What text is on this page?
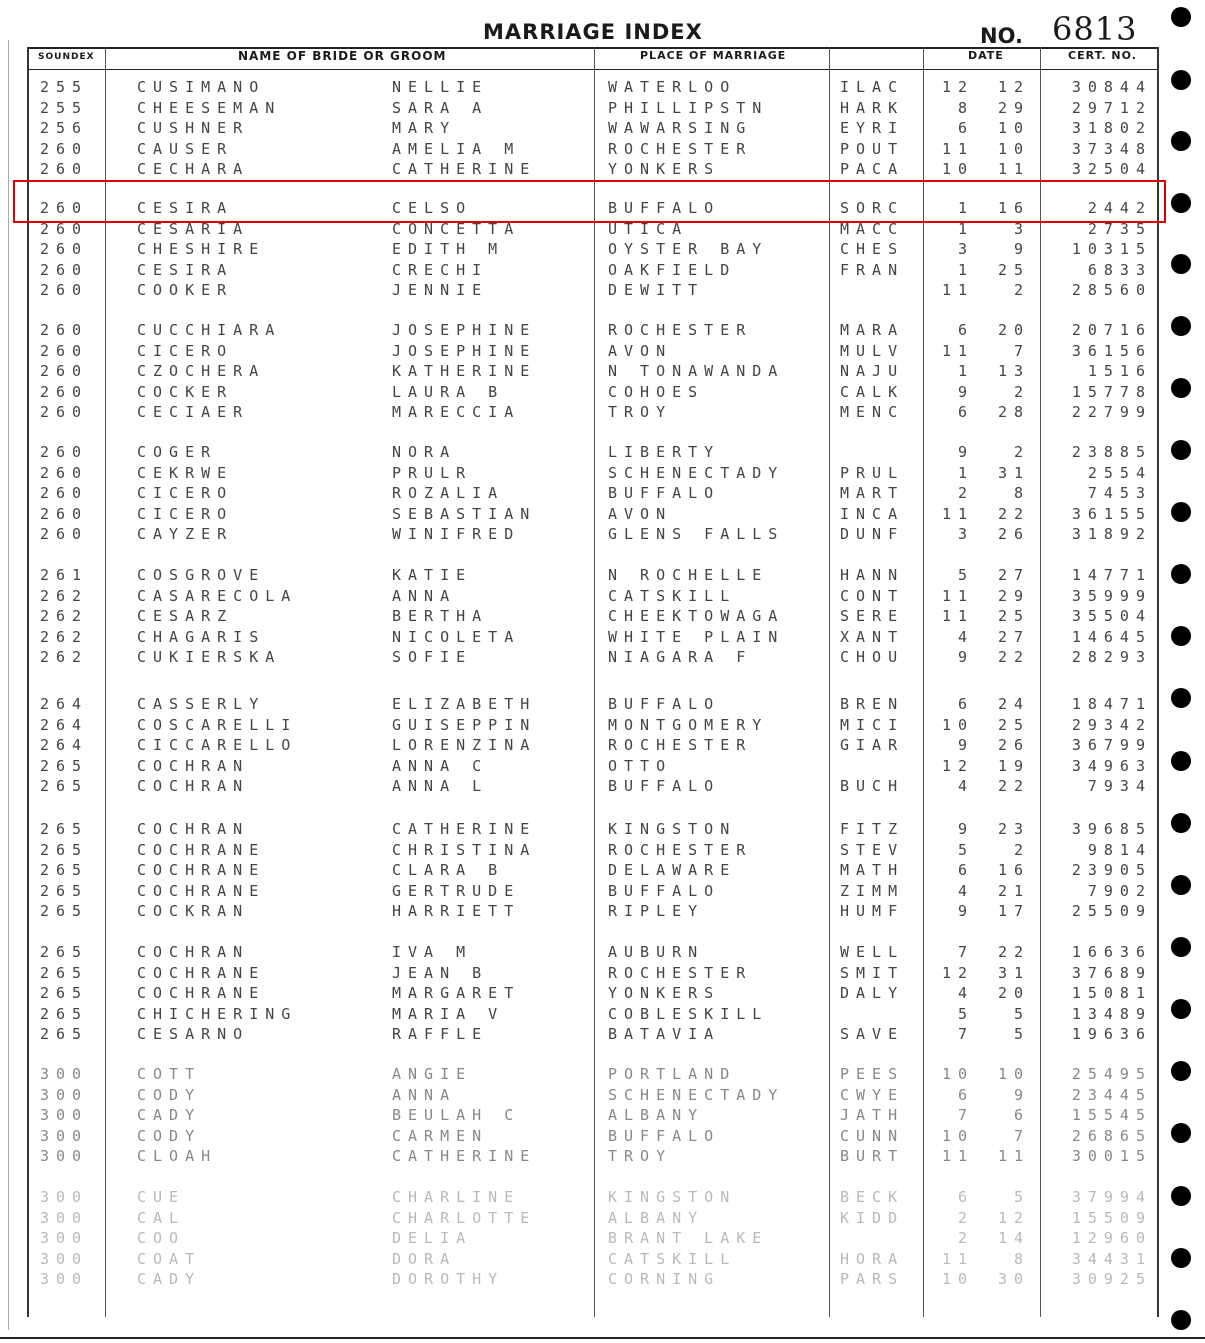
MARRIAGE INDEX	NO. 6813
SOUNDEX	NAME OF BRIDE OR GROOM	PLACE OF MARRIAGE	DATE	CERT. NO.
255	CUSIMANO	NELLIE	WATERLOO	ILAC	12	12	30844
255	CHEESEMAN	SARA A	PHILLIPSTN	HARK	8	29	29712
256	CUSHNER	MARY	WAWARSING	EYRI	6	10	31802
260	CAUSER	AMELIA M	ROCHESTER	POUT	11	10	37348
260	CECHARA	CATHERINE	YONKERS	PACA	10	11	32504
260	CESIRA	CELSO	BUFFALO	SORC	1	16	2442
260	CESARIA	CONCETTA	UTICA	MACC	1	3	2735
260	CHESHIRE	EDITH M	OYSTER BAY	CHES	3	9	10315
260	CESIRA	CRECHI	OAKFIELD	FRAN	1	25	6833
260	COOKER	JENNIE	DEWITT	11	2	28560
260	CUCCHIARA	JOSEPHINE	ROCHESTER	MARA	6	20	20716
260	CICERO	JOSEPHINE	AVON	MULV	11	7	36156
260	CZOCHERA	KATHERINE	N TONAWANDA	NAJU	1	13	1516
260	COCKER	LAURA B	COHOES	CALK	9	2	15778
260	CECIAER	MARECCIA	TROY	MENC	6	28	22799
260	COGER	NORA	LIBERTY	9	2	23885
260	CEKRWE	PRULR	SCHENECTADY	PRUL	1	31	2554
260	CICERO	ROZALIA	BUFFALO	MART	2	8	7453
260	CICERO	SEBASTIAN	AVON	INCA	11	22	36155
260	CAYZER	WINIFRED	GLENS FALLS	DUNF	3	26	31892
261	COSGROVE	KATIE	N ROCHELLE	HANN	5	27	14771
262	CASARECOLA	ANNA	CATSKILL	CONT	11	29	35999
262	CESARZ	BERTHA	CHEEKTOWAGA	SERE	11	25	35504
262	CHAGARIS	NICOLETA	WHITE PLAIN	XANT	4	27	14645
262	CUKIERSKA	SOFIE	NIAGARA F	CHOU	9	22	28293
264	CASSERLY	ELIZABETH	BUFFALO	BREN	6	24	18471
264	COSCARELLI	GUISEPPIN	MONTGOMERY	MICI	10	25	29342
264	CICCARELLO	LORENZINA	ROCHESTER	GIAR	9	26	36799
265	COCHRAN	ANNA C	OTTO	12	19	34963
265	COCHRAN	ANNA L	BUFFALO	BUCH	4	22	7934
265	COCHRAN	CATHERINE	KINGSTON	FITZ	9	23	39685
265	COCHRANE	CHRISTINA	ROCHESTER	STEV	5	2	9814
265	COCHRANE	CLARA B	DELAWARE	MATH	6	16	23905
265	COCHRANE	GERTRUDE	BUFFALO	ZIMM	4	21	7902
265	COCKRAN	HARRIETT	RIPLEY	HUMF	9	17	25509
265	COCHRAN	IVA M	AUBURN	WELL	7	22	16636
265	COCHRANE	JEAN B	ROCHESTER	SMIT	12	31	37689
265	COCHRANE	MARGARET	YONKERS	DALY	4	20	15081
265	CHICHERING	MARIA V	COBLESKILL	5	5	13489
265	CESARNO	RAFFLE	BATAVIA	SAVE	7	5	19636
300	COTT	ANGIE	PORTLAND	PEES	10	10	25495
300	CODY	ANNA	SCHENECTADY	CWYE	6	9	23445
300	CADY	BEULAH C	ALBANY	JATH	7	6	15545
300	CODY	CARMEN	BUFFALO	CUNN	10	7	26865
300	CLOAH	CATHERINE	TROY	BURT	11	11	30015
300	CUE	CHARLINE	KINGSTON	BECK	6	5	37994
300	CAL	CHARLOTTE	ALBANY	KIDD	2	12	15509
300	COO	DELIA	BRANT LAKE	2	14	12960
300	COAT	DORA	CATSKILL	HORA	11	8	34431
300	CADY	DOROTHY	CORNING	PARS	10	30	30925
